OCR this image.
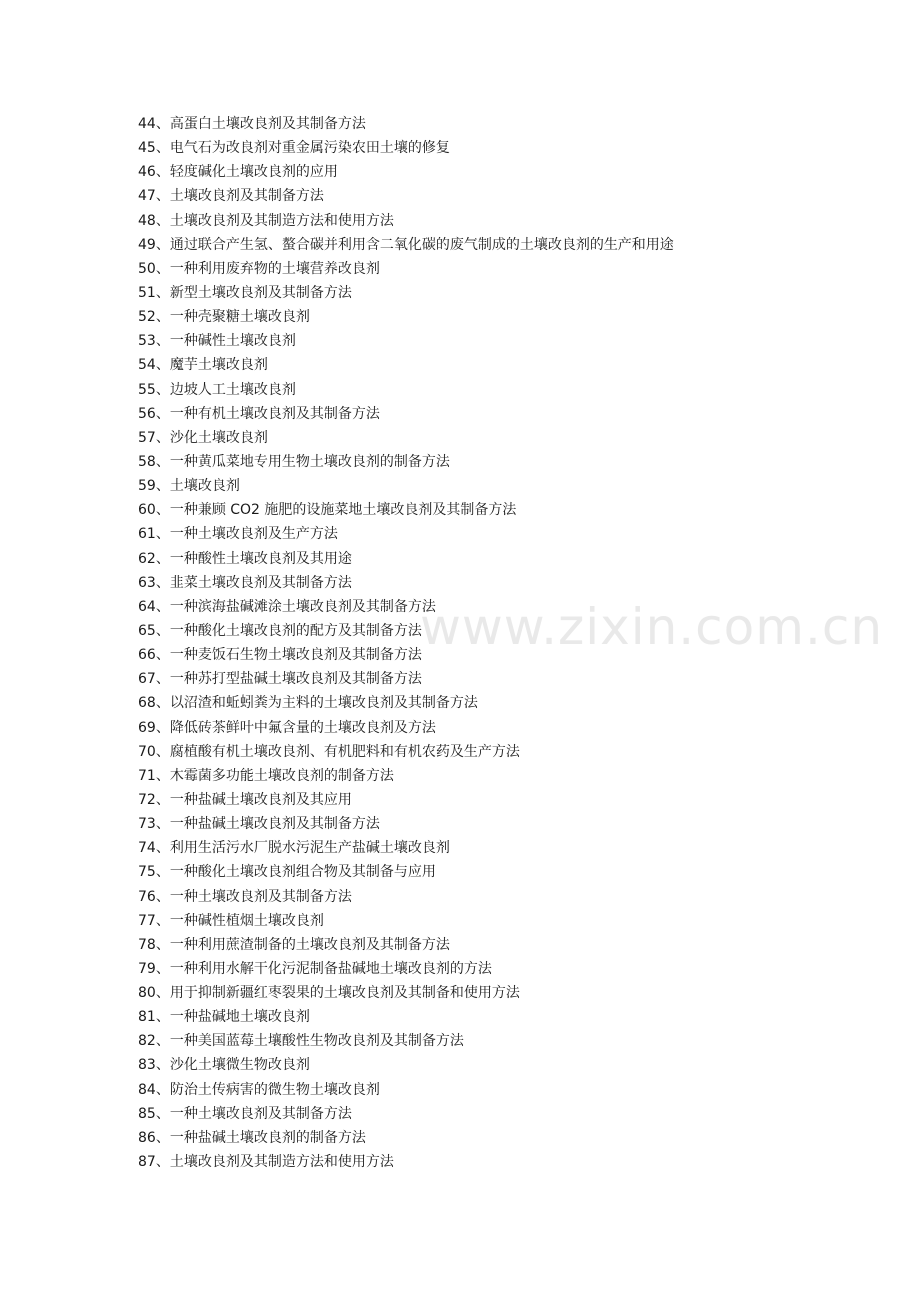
www.zixin.com.cn
44、高蛋白土壤改良剂及其制备方法
45、电气石为改良剂对重金属污染农田土壤的修复
46、轻度碱化土壤改良剂的应用
47、土壤改良剂及其制备方法
48、土壤改良剂及其制造方法和使用方法
49、通过联合产生氢、螯合碳并利用含二氧化碳的废气制成的土壤改良剂的生产和用途
50、一种利用废弃物的土壤营养改良剂
51、新型土壤改良剂及其制备方法
52、一种壳聚糖土壤改良剂
53、一种碱性土壤改良剂
54、魔芋土壤改良剂
55、边坡人工土壤改良剂
56、一种有机土壤改良剂及其制备方法
57、沙化土壤改良剂
58、一种黄瓜菜地专用生物土壤改良剂的制备方法
59、土壤改良剂
60、一种兼顾 CO2 施肥的设施菜地土壤改良剂及其制备方法
61、一种土壤改良剂及生产方法
62、一种酸性土壤改良剂及其用途
63、韭菜土壤改良剂及其制备方法
64、一种滨海盐碱滩涂土壤改良剂及其制备方法
65、一种酸化土壤改良剂的配方及其制备方法
66、一种麦饭石生物土壤改良剂及其制备方法
67、一种苏打型盐碱土壤改良剂及其制备方法
68、以沼渣和蚯蚓粪为主料的土壤改良剂及其制备方法
69、降低砖茶鲜叶中氟含量的土壤改良剂及方法
70、腐植酸有机土壤改良剂、有机肥料和有机农药及生产方法
71、木霉菌多功能土壤改良剂的制备方法
72、一种盐碱土壤改良剂及其应用
73、一种盐碱土壤改良剂及其制备方法
74、利用生活污水厂脱水污泥生产盐碱土壤改良剂
75、一种酸化土壤改良剂组合物及其制备与应用
76、一种土壤改良剂及其制备方法
77、一种碱性植烟土壤改良剂
78、一种利用蔗渣制备的土壤改良剂及其制备方法
79、一种利用水解干化污泥制备盐碱地土壤改良剂的方法
80、用于抑制新疆红枣裂果的土壤改良剂及其制备和使用方法
81、一种盐碱地土壤改良剂
82、一种美国蓝莓土壤酸性生物改良剂及其制备方法
83、沙化土壤微生物改良剂
84、防治土传病害的微生物土壤改良剂
85、一种土壤改良剂及其制备方法
86、一种盐碱土壤改良剂的制备方法
87、土壤改良剂及其制造方法和使用方法
